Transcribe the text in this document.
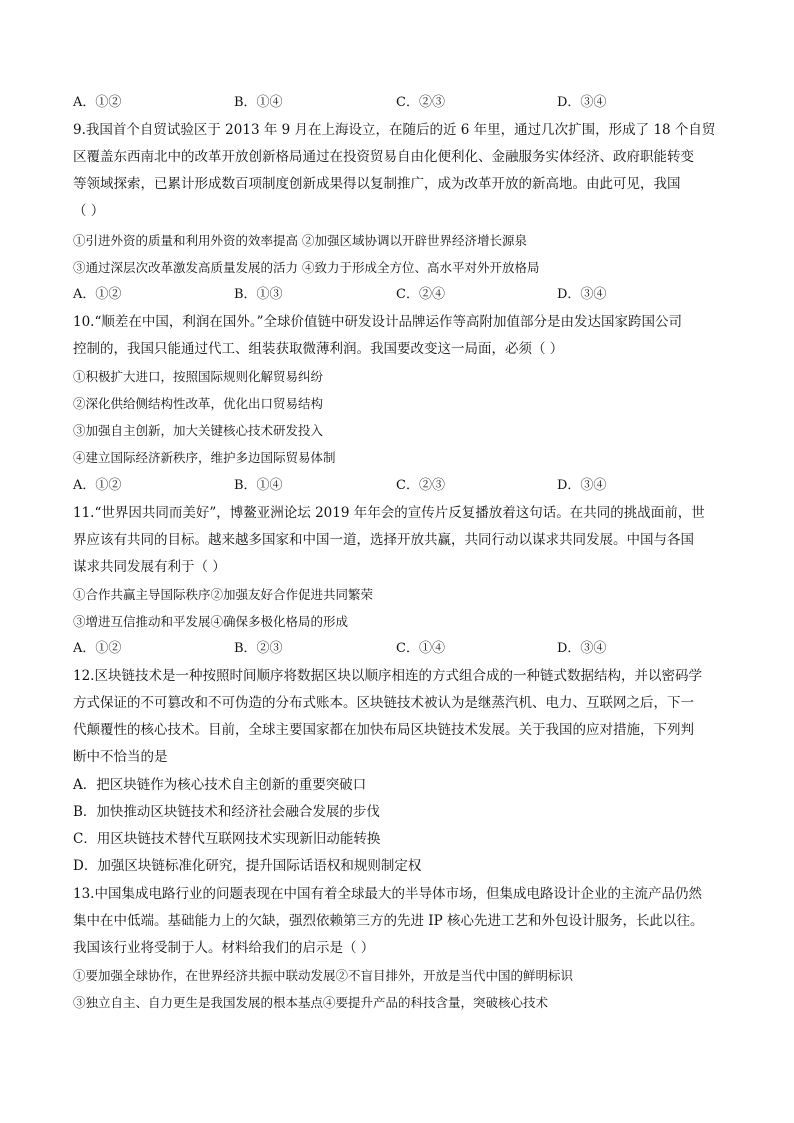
A．①②	B．①④	C．②③	D．③④
9.我国首个自贸试验区于 2013 年 9 月在上海设立，在随后的近 6 年里，通过几次扩围，形成了 18 个自贸
区覆盖东西南北中的改革开放创新格局通过在投资贸易自由化便利化、金融服务实体经济、政府职能转变
等领域探索，已累计形成数百项制度创新成果得以复制推广，成为改革开放的新高地。由此可见，我国
（ ）
①引进外资的质量和利用外资的效率提高 ②加强区域协调以开辟世界经济增长源泉
③通过深层次改革激发高质量发展的活力 ④致力于形成全方位、高水平对外开放格局
A．①②	B．①③	C．②④	D．③④
10.“顺差在中国，利润在国外。”全球价值链中研发设计品牌运作等高附加值部分是由发达国家跨国公司
控制的，我国只能通过代工、组装获取微薄利润。我国要改变这一局面，必须（ ）
①积极扩大进口，按照国际规则化解贸易纠纷
②深化供给侧结构性改革，优化出口贸易结构
③加强自主创新，加大关键核心技术研发投入
④建立国际经济新秩序，维护多边国际贸易体制
A．①②	B．①④	C．②③	D．③④
11.“世界因共同而美好”，博鳌亚洲论坛 2019 年年会的宣传片反复播放着这句话。在共同的挑战面前，世
界应该有共同的目标。越来越多国家和中国一道，选择开放共赢，共同行动以谋求共同发展。中国与各国
谋求共同发展有利于（ ）
①合作共赢主导国际秩序②加强友好合作促进共同繁荣
③增进互信推动和平发展④确保多极化格局的形成
A．①②	B．②③	C．①④	D．③④
12.区块链技术是一种按照时间顺序将数据区块以顺序相连的方式组合成的一种链式数据结构，并以密码学
方式保证的不可篡改和不可伪造的分布式账本。区块链技术被认为是继蒸汽机、电力、互联网之后，下一
代颠覆性的核心技术。目前，全球主要国家都在加快布局区块链技术发展。关于我国的应对措施，下列判
断中不恰当的是
A．把区块链作为核心技术自主创新的重要突破口
B．加快推动区块链技术和经济社会融合发展的步伐
C．用区块链技术替代互联网技术实现新旧动能转换
D．加强区块链标准化研究，提升国际话语权和规则制定权
13.中国集成电路行业的问题表现在中国有着全球最大的半导体市场，但集成电路设计企业的主流产品仍然
集中在中低端。基础能力上的欠缺，强烈依赖第三方的先进 IP 核心先进工艺和外包设计服务，长此以往。
我国该行业将受制于人。材料给我们的启示是（ ）
①要加强全球协作，在世界经济共振中联动发展②不盲目排外，开放是当代中国的鲜明标识
③独立自主、自力更生是我国发展的根本基点④要提升产品的科技含量，突破核心技术
